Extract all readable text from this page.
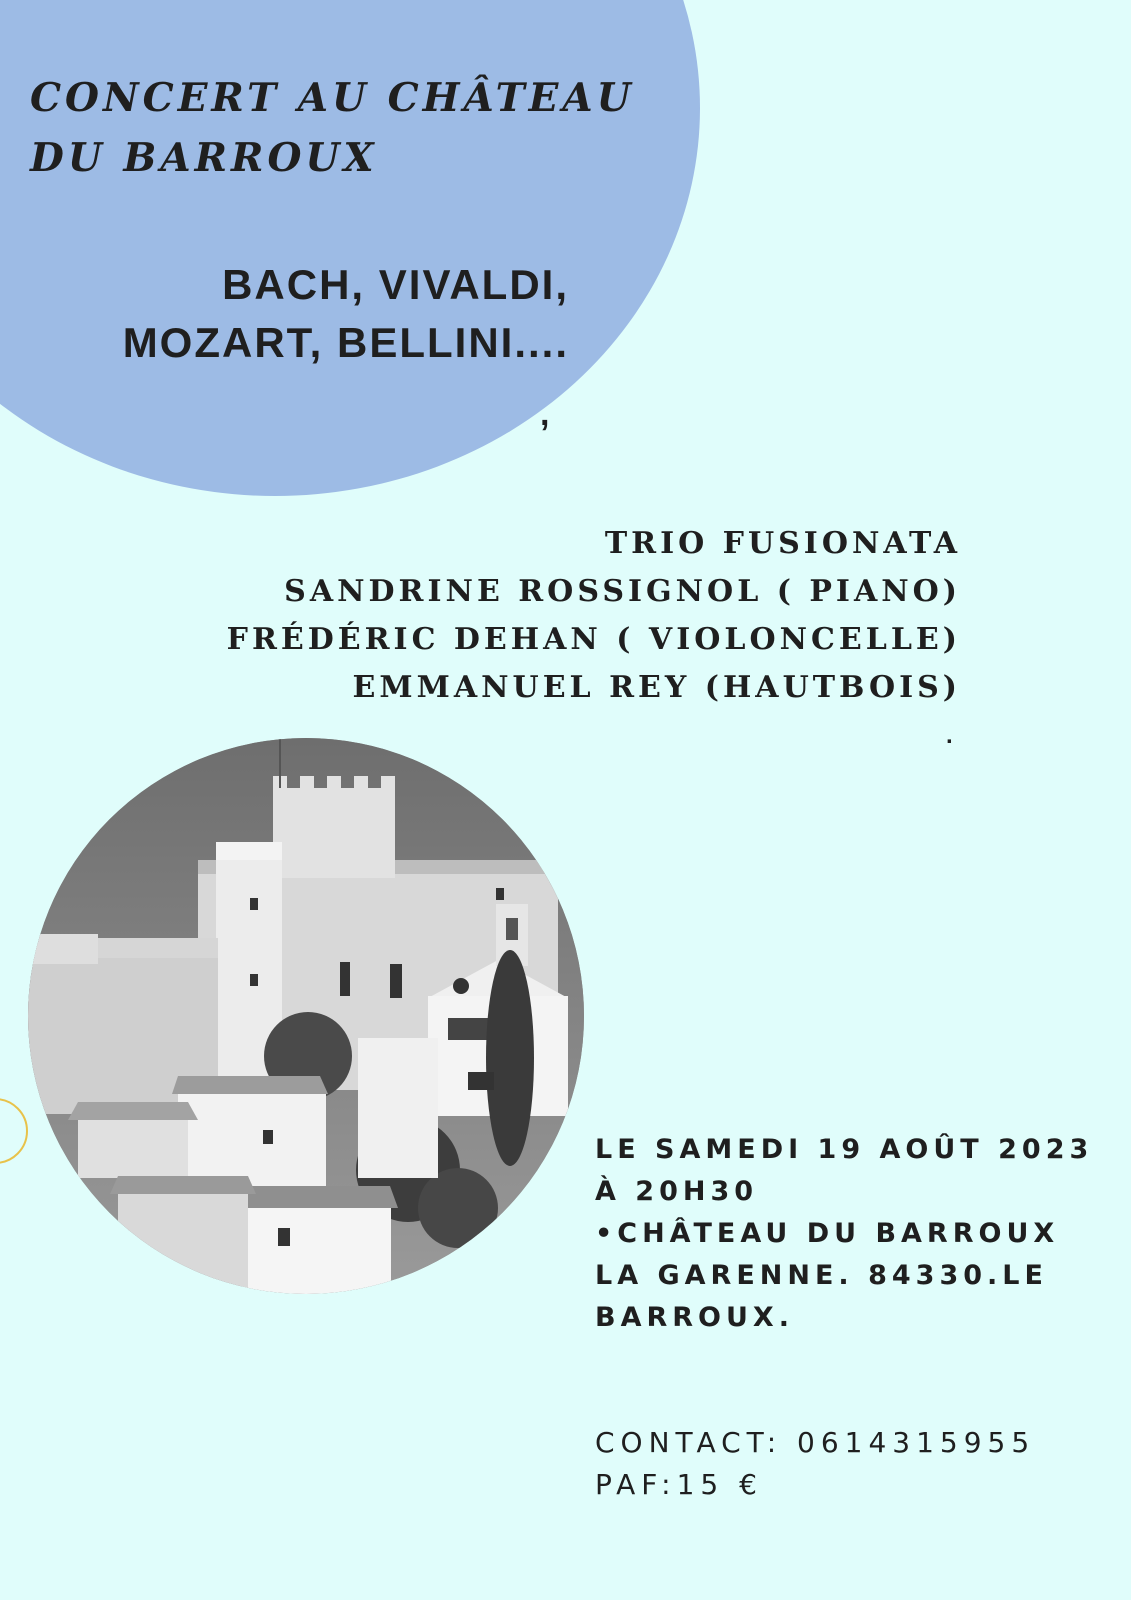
CONCERT AU CHÂTEAU
DU BARROUX
BACH, VIVALDI,
MOZART, BELLINI....
,
TRIO FUSIONATA
SANDRINE ROSSIGNOL ( PIANO)
FRÉDÉRIC DEHAN ( VIOLONCELLE)
EMMANUEL REY (HAUTBOIS)
.
LE SAMEDI 19 AOÛT 2023
À 20H30
•CHÂTEAU DU BARROUX
LA GARENNE. 84330.LE
BARROUX.
CONTACT: 0614315955
PAF:15 €
